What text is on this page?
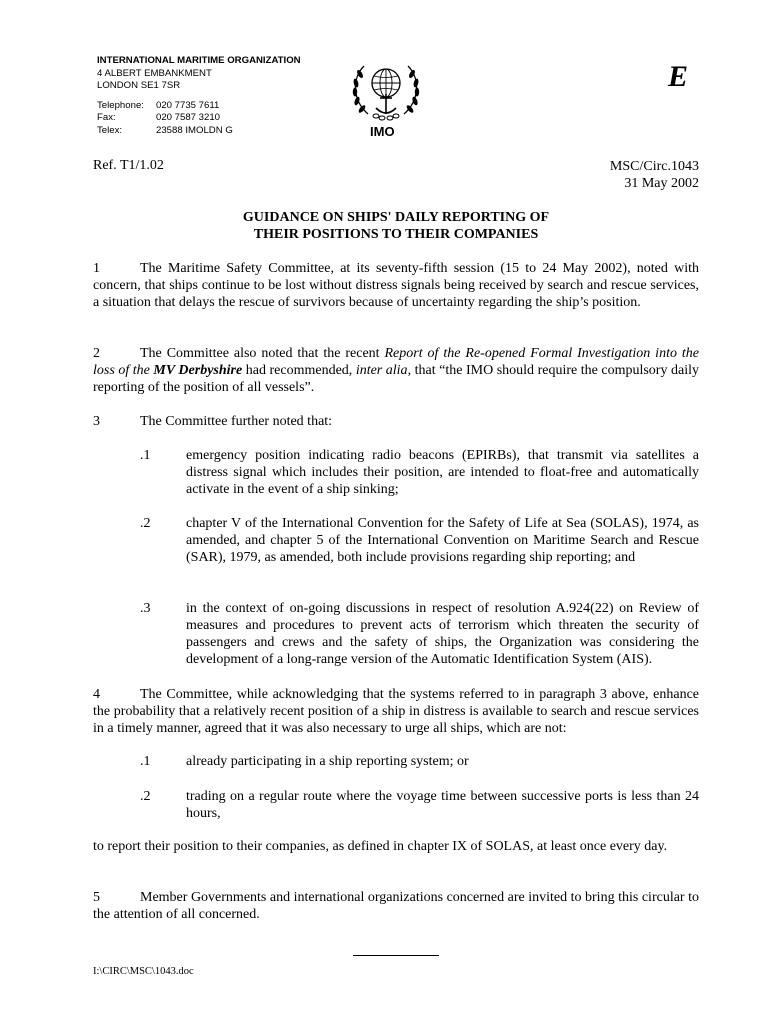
INTERNATIONAL MARITIME ORGANIZATION
4 ALBERT EMBANKMENT
LONDON SE1 7SR
Telephone:	020 7735 7611
Fax:	020 7587 3210
Telex:	23588 IMOLDN G	IMO
E
Ref. T1/1.02	MSC/Circ.1043
31 May 2002
GUIDANCE ON SHIPS' DAILY REPORTING OF
THEIR POSITIONS TO THEIR COMPANIES
1	The Maritime Safety Committee, at its seventy-fifth session (15 to 24 May 2002), noted with concern, that ships continue to be lost without distress signals being received by search and rescue services, a situation that delays the rescue of survivors because of uncertainty regarding the ship’s position.
2	The Committee also noted that the recent Report of the Re-opened Formal Investigation into the loss of the MV Derbyshire had recommended, inter alia, that “the IMO should require the compulsory daily reporting of the position of all vessels”.
3	The Committee further noted that:
.1	emergency position indicating radio beacons (EPIRBs), that transmit via satellites a distress signal which includes their position, are intended to float-free and automatically activate in the event of a ship sinking;
.2	chapter V of the International Convention for the Safety of Life at Sea (SOLAS), 1974, as amended, and chapter 5 of the International Convention on Maritime Search and Rescue (SAR), 1979, as amended, both include provisions regarding ship reporting; and
.3	in the context of on-going discussions in respect of resolution A.924(22) on Review of measures and procedures to prevent acts of terrorism which threaten the security of passengers and crews and the safety of ships, the Organization was considering the development of a long-range version of the Automatic Identification System (AIS).
4	The Committee, while acknowledging that the systems referred to in paragraph 3 above, enhance the probability that a relatively recent position of a ship in distress is available to search and rescue services in a timely manner, agreed that it was also necessary to urge all ships, which are not:
.1	already participating in a ship reporting system; or
.2	trading on a regular route where the voyage time between successive ports is less than 24 hours,
to report their position to their companies, as defined in chapter IX of SOLAS, at least once every day.
5	Member Governments and international organizations concerned are invited to bring this circular to the attention of all concerned.
I:\CIRC\MSC\1043.doc
